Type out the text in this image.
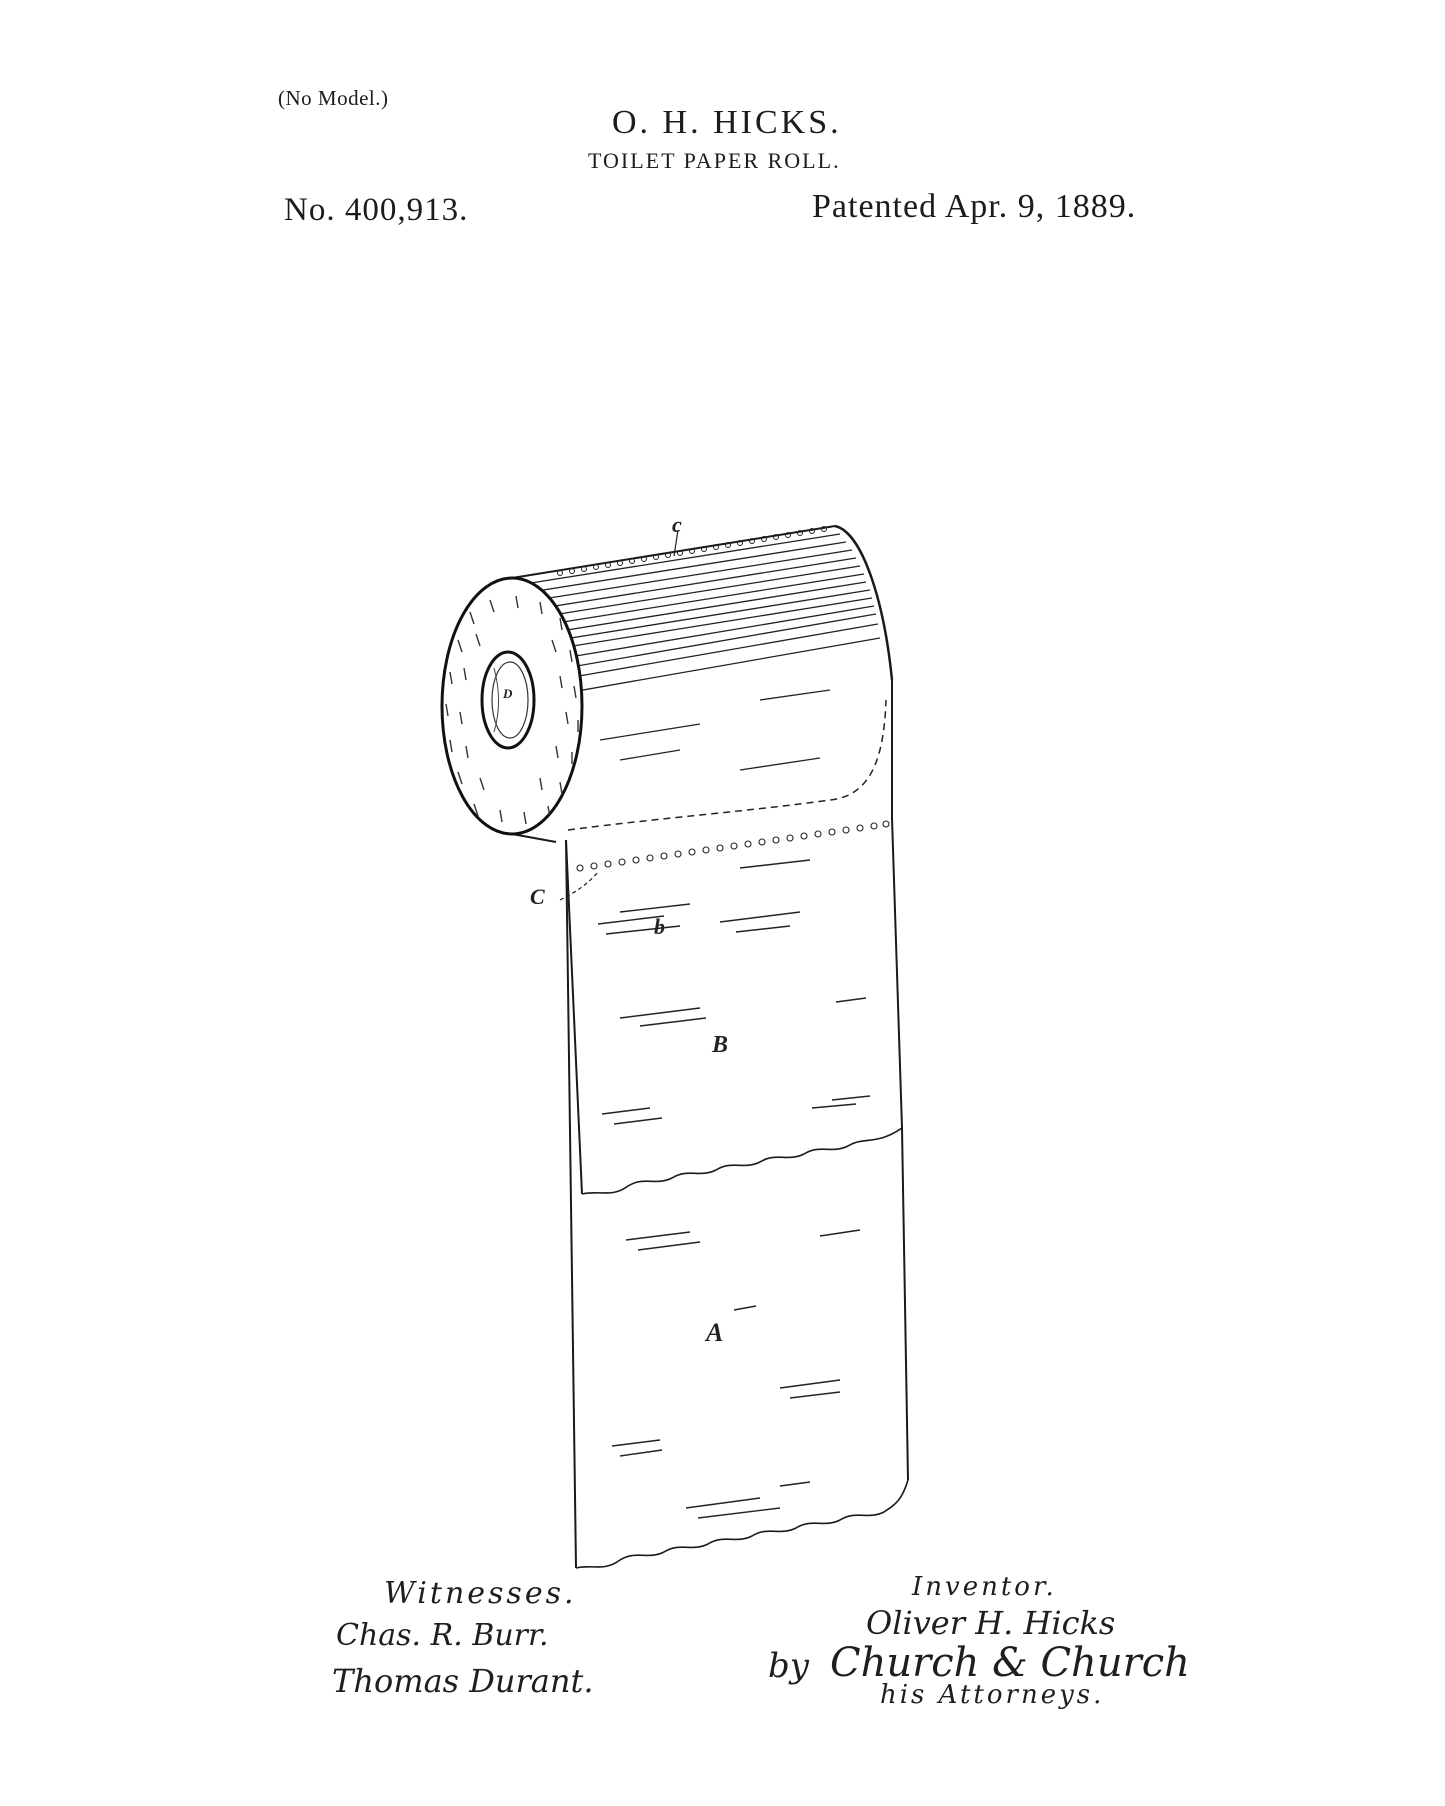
(No Model.)
O. H. HICKS.
TOILET PAPER ROLL.
No. 400,913.	Patented Apr. 9, 1889.
c
D
C
b
B
A
Witnesses.
Chas. R. Burr.
Thomas Durant.
Inventor.
Oliver H. Hicks
by Church & Church
his Attorneys.
